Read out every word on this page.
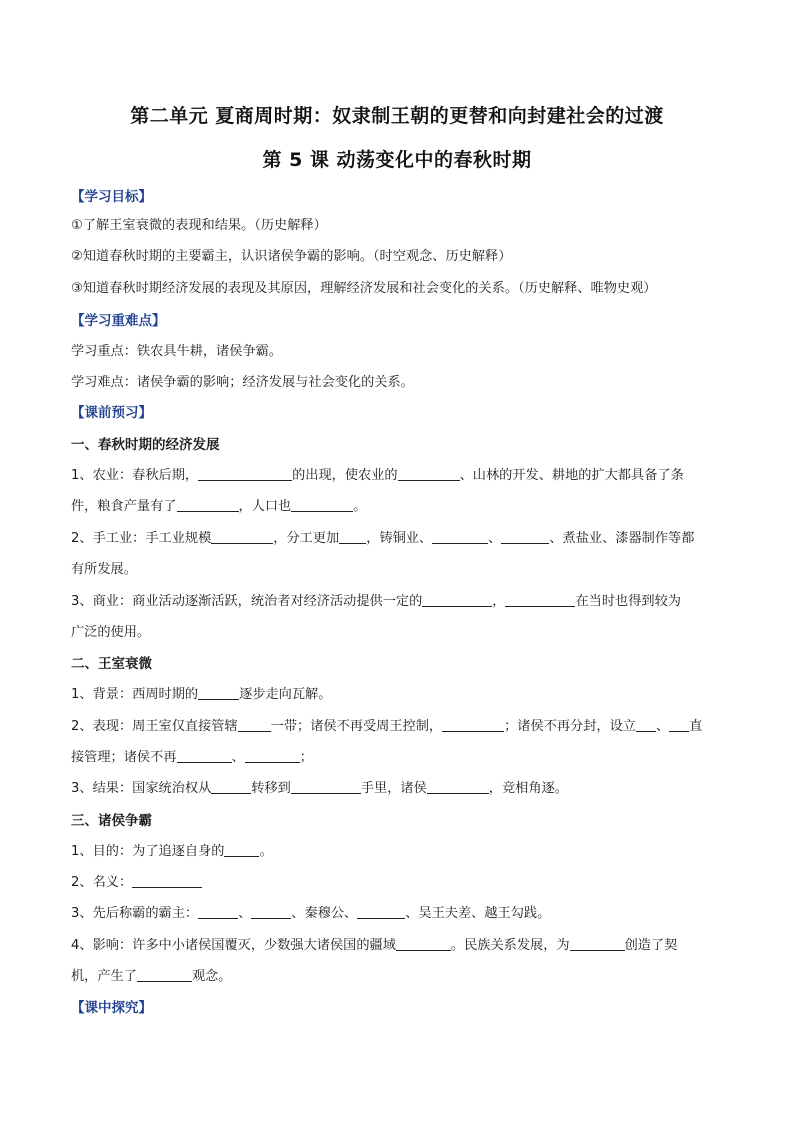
第二单元 夏商周时期：奴隶制王朝的更替和向封建社会的过渡
第 5 课 动荡变化中的春秋时期
【学习目标】
①了解王室衰微的表现和结果。（历史解释）
②知道春秋时期的主要霸主，认识诸侯争霸的影响。（时空观念、历史解释）
③知道春秋时期经济发展的表现及其原因，理解经济发展和社会变化的关系。（历史解释、唯物史观）
【学习重难点】
学习重点：铁农具牛耕，诸侯争霸。
学习难点：诸侯争霸的影响；经济发展与社会变化的关系。
【课前预习】
一、春秋时期的经济发展
1、农业：春秋后期，	的出现，使农业的	、山林的开发、耕地的扩大都具备了条
件，粮食产量有了	，人口也	。
2、手工业：手工业规模	，分工更加 ，铸铜业、	、	、煮盐业、漆器制作等都
有所发展。
3、商业：商业活动逐渐活跃，统治者对经济活动提供一定的	，	在当时也得到较为
广泛的使用。
二、王室衰微
1、背景：西周时期的	逐步走向瓦解。
2、表现：周王室仅直接管辖	一带；诸侯不再受周王控制，	；诸侯不再分封，设立 、 直
接管理；诸侯不再	、	；
3、结果：国家统治权从	转移到	手里，诸侯	，竞相角逐。
三、诸侯争霸
1、目的：为了追逐自身的	。
2、名义：
3、先后称霸的霸主：	、	、秦穆公、	、吴王夫差、越王勾践。
4、影响：许多中小诸侯国覆灭，少数强大诸侯国的疆域	。民族关系发展，为	创造了契
机，产生了	观念。
【课中探究】
